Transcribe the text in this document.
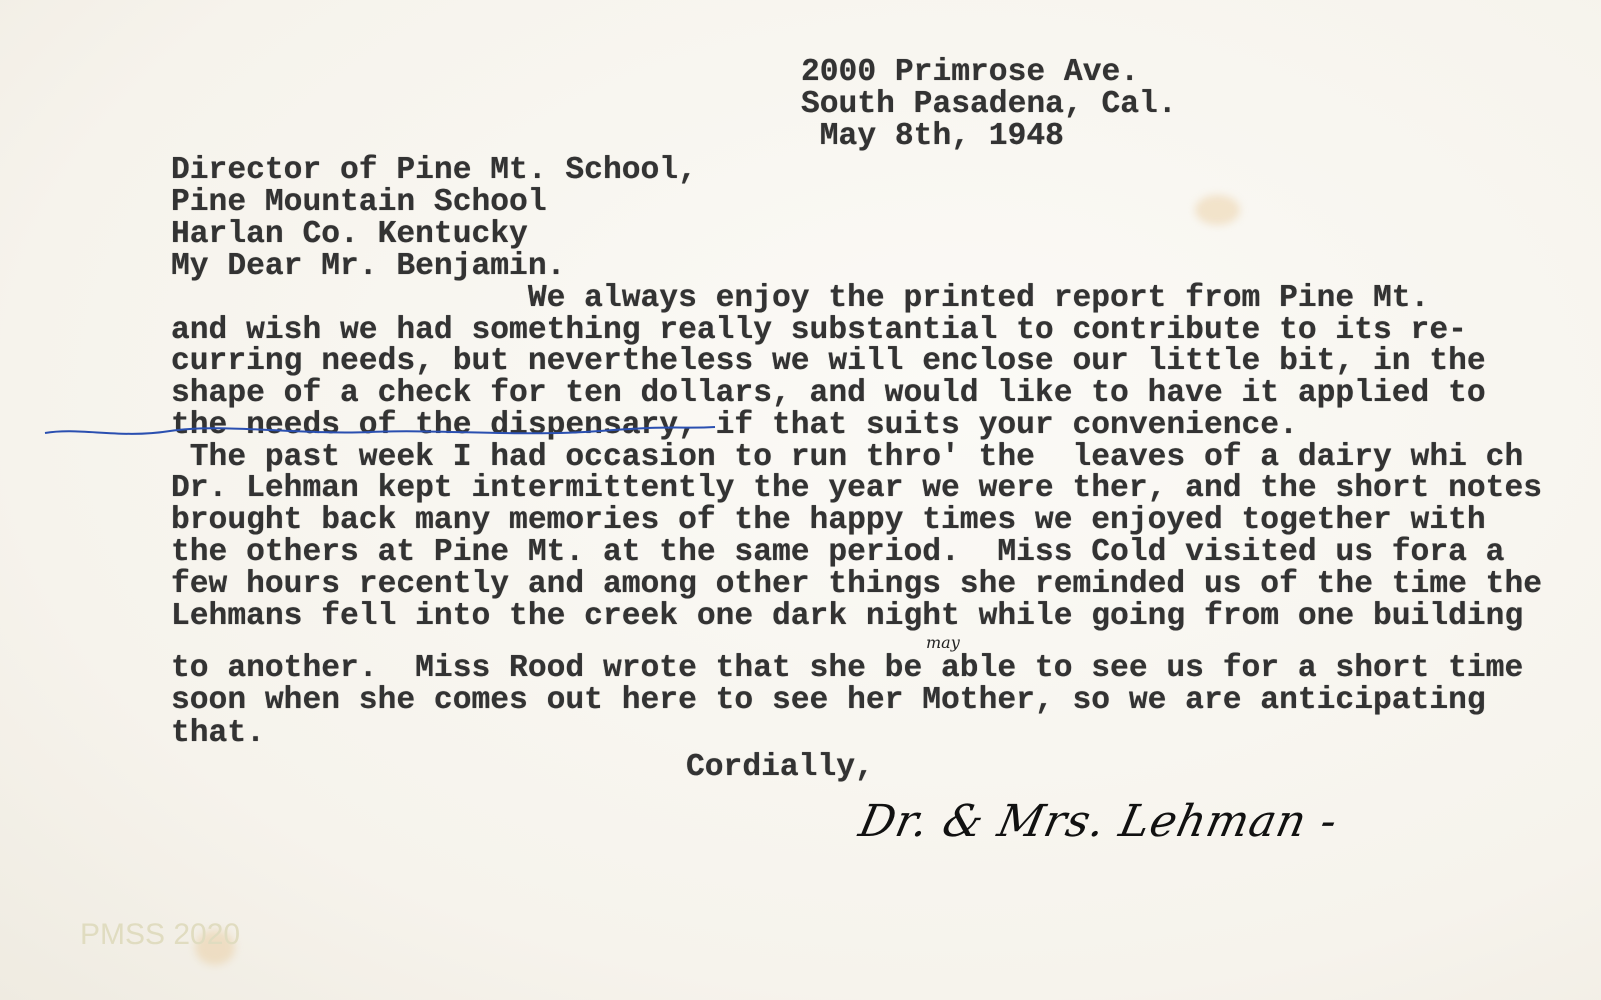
2000 Primrose Ave.
South Pasadena, Cal.
May 8th, 1948
Director of Pine Mt. School,
Pine Mountain School
Harlan Co. Kentucky
My Dear Mr. Benjamin.
We always enjoy the printed report from Pine Mt.
and wish we had something really substantial to contribute to its re-
curring needs, but nevertheless we will enclose our little bit, in the
shape of a check for ten dollars, and would like to have it applied to
the needs of the dispensary, if that suits your convenience.
The past week I had occasion to run thro' the  leaves of a dairy whi ch
Dr. Lehman kept intermittently the year we were ther, and the short notes
brought back many memories of the happy times we enjoyed together with
the others at Pine Mt. at the same period.  Miss Cold visited us fora a
few hours recently and among other things she reminded us of the time the
Lehmans fell into the creek one dark night while going from one building
to another.  Miss Rood wrote that she be able to see us for a short time
soon when she comes out here to see her Mother, so we are anticipating
that.
may
Cordially,
Dr. & Mrs. Lehman -
PMSS 2020
